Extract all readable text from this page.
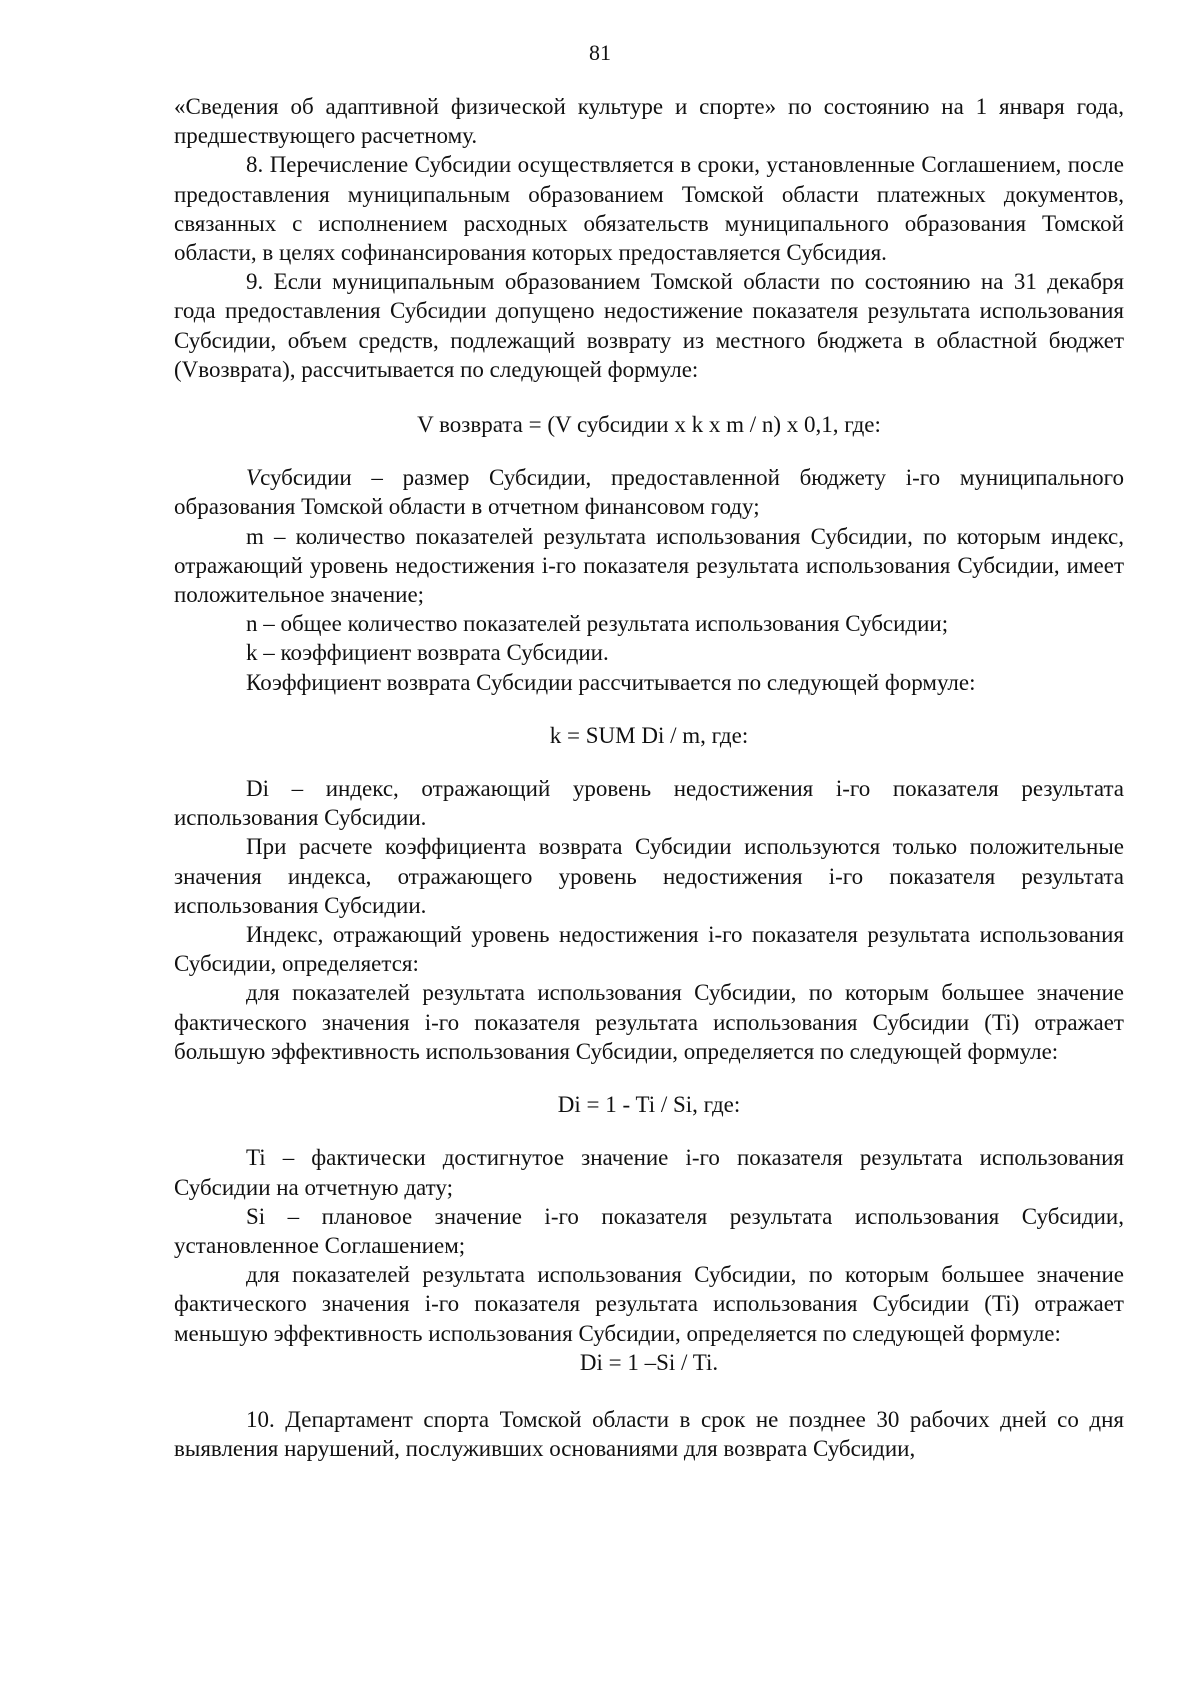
81

«Сведения об адаптивной физической культуре и спорте» по состоянию на 1 января года, предшествующего расчетному.

8. Перечисление Субсидии осуществляется в сроки, установленные Соглашением, после предоставления муниципальным образованием Томской области платежных документов, связанных с исполнением расходных обязательств муниципального образования Томской области, в целях софинансирования которых предоставляется Субсидия.

9. Если муниципальным образованием Томской области по состоянию на 31 декабря года предоставления Субсидии допущено недостижение показателя результата использования Субсидии, объем средств, подлежащий возврату из местного бюджета в областной бюджет (Vвозврата), рассчитывается по следующей формуле:

V возврата = (V субсидии x k x m / n) x 0,1, где:

Vсубсидии – размер Субсидии, предоставленной бюджету i-го муниципального образования Томской области в отчетном финансовом году;

m – количество показателей результата использования Субсидии, по которым индекс, отражающий уровень недостижения i-го показателя результата использования Субсидии, имеет положительное значение;

n – общее количество показателей результата использования Субсидии;

k – коэффициент возврата Субсидии.

Коэффициент возврата Субсидии рассчитывается по следующей формуле:

k = SUM Di / m, где:

Di – индекс, отражающий уровень недостижения i-го показателя результата использования Субсидии.

При расчете коэффициента возврата Субсидии используются только положительные значения индекса, отражающего уровень недостижения i-го показателя результата использования Субсидии.

Индекс, отражающий уровень недостижения i-го показателя результата использования Субсидии, определяется:

для показателей результата использования Субсидии, по которым большее значение фактического значения i-го показателя результата использования Субсидии (Ti) отражает большую эффективность использования Субсидии, определяется по следующей формуле:

Di = 1 - Ti / Si, где:

Ti – фактически достигнутое значение i-го показателя результата использования Субсидии на отчетную дату;

Si – плановое значение i-го показателя результата использования Субсидии, установленное Соглашением;

для показателей результата использования Субсидии, по которым большее значение фактического значения i-го показателя результата использования Субсидии (Ti) отражает меньшую эффективность использования Субсидии, определяется по следующей формуле:

Di = 1 –Si / Ti.

10. Департамент спорта Томской области в срок не позднее 30 рабочих дней со дня выявления нарушений, послуживших основаниями для возврата Субсидии,
